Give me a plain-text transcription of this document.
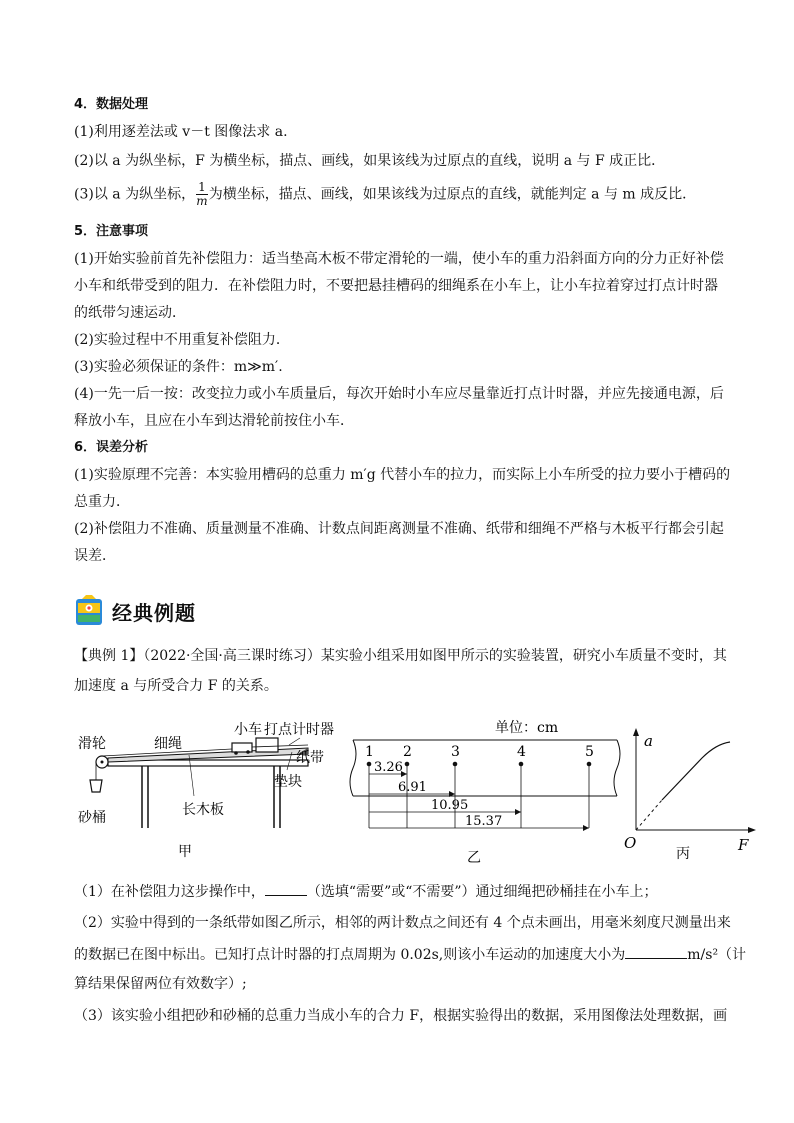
4．数据处理
(1)利用逐差法或 v－t 图像法求 a.
(2)以 a 为纵坐标，F 为横坐标，描点、画线，如果该线为过原点的直线，说明 a 与 F 成正比．
(3)以 a 为纵坐标， $\frac{1}{m}$ 为横坐标，描点、画线，如果该线为过原点的直线，就能判定 a 与 m 成反比．
5．注意事项
(1)开始实验前首先补偿阻力：适当垫高木板不带定滑轮的一端，使小车的重力沿斜面方向的分力正好补偿
小车和纸带受到的阻力．在补偿阻力时，不要把悬挂槽码的细绳系在小车上，让小车拉着穿过打点计时器
的纸带匀速运动．
(2)实验过程中不用重复补偿阻力．
(3)实验必须保证的条件：m≫m′.
(4)一先一后一按：改变拉力或小车质量后，每次开始时小车应尽量靠近打点计时器，并应先接通电源，后
释放小车，且应在小车到达滑轮前按住小车．
6．误差分析
(1)实验原理不完善：本实验用槽码的总重力 m′g 代替小车的拉力，而实际上小车所受的拉力要小于槽码的
总重力．
(2)补偿阻力不准确、质量测量不准确、计数点间距离测量不准确、纸带和细绳不严格与木板平行都会引起
误差．
经典例题
【典例 1】（2022·全国·高三课时练习）某实验小组采用如图甲所示的实验装置，研究小车质量不变时，其
加速度 a 与所受合力 F 的关系。
滑轮	细绳
小车 打点计时器
纸带
垫块
砂桶	长木板
甲
单位：cm
1 2	3	4	5
3.26
6.91
10.95
15.37
乙
a
O	F
丙
（1）在补偿阻力这步操作中，	（选填“需要”或“不需要”）通过细绳把砂桶挂在小车上；
（2）实验中得到的一条纸带如图乙所示，相邻的两计数点之间还有 4 个点未画出，用毫米刻度尺测量出来
的数据已在图中标出。已知打点计时器的打点周期为 0.02s,则该小车运动的加速度大小为	m/s²（计
算结果保留两位有效数字）;
（3）该实验小组把砂和砂桶的总重力当成小车的合力 F，根据实验得出的数据，采用图像法处理数据，画
